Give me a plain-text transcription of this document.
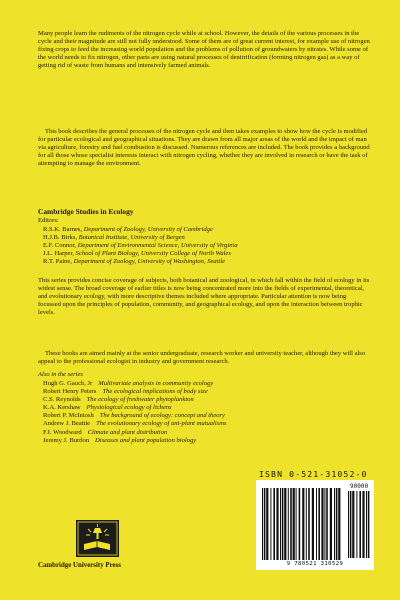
Many people learn the rudiments of the nitrogen cycle while at school. However, the details of the various processes in the cycle and their magnitude are still not fully understood. Some of them are of great current interest, for example use of nitrogen fixing crops to feed the increasing world population and the problems of pollution of groundwaters by nitrates. While some of the world needs to fix nitrogen, other parts are using natural processes of denitrification (forming nitrogen gas) as a way of getting rid of waste from humans and intensively farmed animals.

This book describes the general processes of the nitrogen cycle and then takes examples to show how the cycle is modified for particular ecological and geographical situations. They are drawn from all major areas of the world and the impact of man via agriculture, forestry and fuel combustion is discussed. Numerous references are included. The book provides a background for all those whose specialist interests interact with nitrogen cycling, whether they are involved in research or have the task of attempting to manage the environment.

Cambridge Studies in Ecology

Editors:

R.S.K. Barnes, Department of Zoology, University of Cambridge
H.J.B. Birks, Botanical Institute, University of Bergen
E.F. Connor, Department of Environmental Science, University of Virginia
J.L. Harper, School of Plant Biology, University College of North Wales
R.T. Paine, Department of Zoology, University of Washington, Seattle

This series provides concise coverage of subjects, both botanical and zoological, in which fall within the field of ecology in its widest sense. The broad coverage of earlier titles is now being concentrated more into the fields of experimental, theoretical, and evolutionary ecology, with more descriptive themes included where appropriate. Particular attention is now being focussed upon the principles of population, community, and geographical ecology, and upon the interaction between trophic levels.

These books are aimed mainly at the senior undergraduate, research worker and university teacher, although they will also appeal to the professional ecologist in industry and government research.

Also in the series

Hugh G. Gauch, Jr Multivariate analysis in community ecology
Robert Henry Peters The ecological implications of body size
C.S. Reynolds The ecology of freshwater phytoplankton
K.A. Kershaw Physiological ecology of lichens
Robert P. McIntosh The background of ecology: concept and theory
Andrew J. Beattie The evolutionary ecology of ant-plant mutualisms
F.I. Woodward Climate and plant distribution
Jeremy J. Burdon Diseases and plant population biology
ISBN 0-521-31052-0
90000
9 780521 310529
Cambridge University Press
